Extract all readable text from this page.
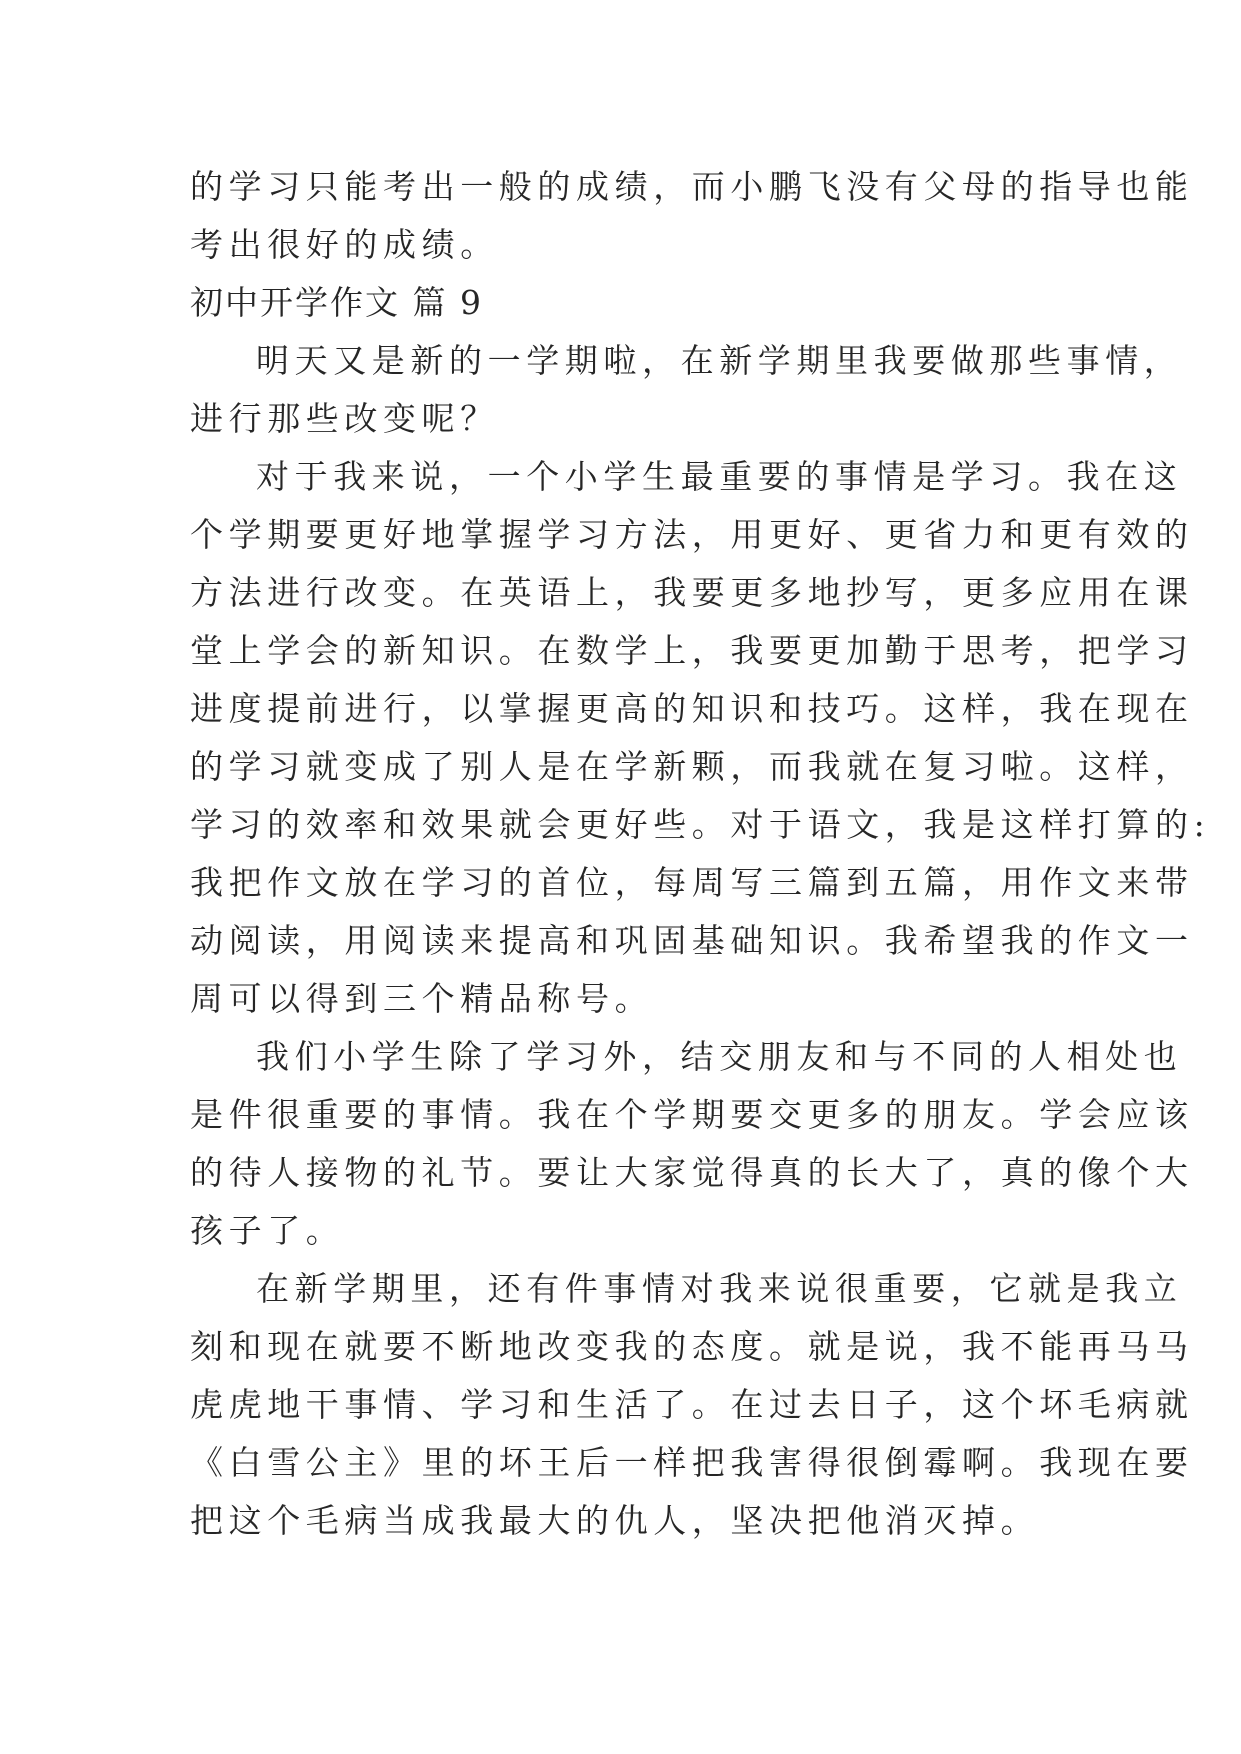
的学习只能考出一般的成绩，而小鹏飞没有父母的指导也能
考出很好的成绩。
初中开学作文 篇 9
明天又是新的一学期啦，在新学期里我要做那些事情，
进行那些改变呢？
对于我来说，一个小学生最重要的事情是学习。我在这
个学期要更好地掌握学习方法，用更好、更省力和更有效的
方法进行改变。在英语上，我要更多地抄写，更多应用在课
堂上学会的新知识。在数学上，我要更加勤于思考，把学习
进度提前进行，以掌握更高的知识和技巧。这样，我在现在
的学习就变成了别人是在学新颗，而我就在复习啦。这样，
学习的效率和效果就会更好些。对于语文，我是这样打算的:
我把作文放在学习的首位，每周写三篇到五篇，用作文来带
动阅读，用阅读来提高和巩固基础知识。我希望我的作文一
周可以得到三个精品称号。
我们小学生除了学习外，结交朋友和与不同的人相处也
是件很重要的事情。我在个学期要交更多的朋友。学会应该
的待人接物的礼节。要让大家觉得真的长大了，真的像个大
孩子了。
在新学期里，还有件事情对我来说很重要，它就是我立
刻和现在就要不断地改变我的态度。就是说，我不能再马马
虎虎地干事情、学习和生活了。在过去日子，这个坏毛病就
《白雪公主》里的坏王后一样把我害得很倒霉啊。我现在要
把这个毛病当成我最大的仇人，坚决把他消灭掉。
